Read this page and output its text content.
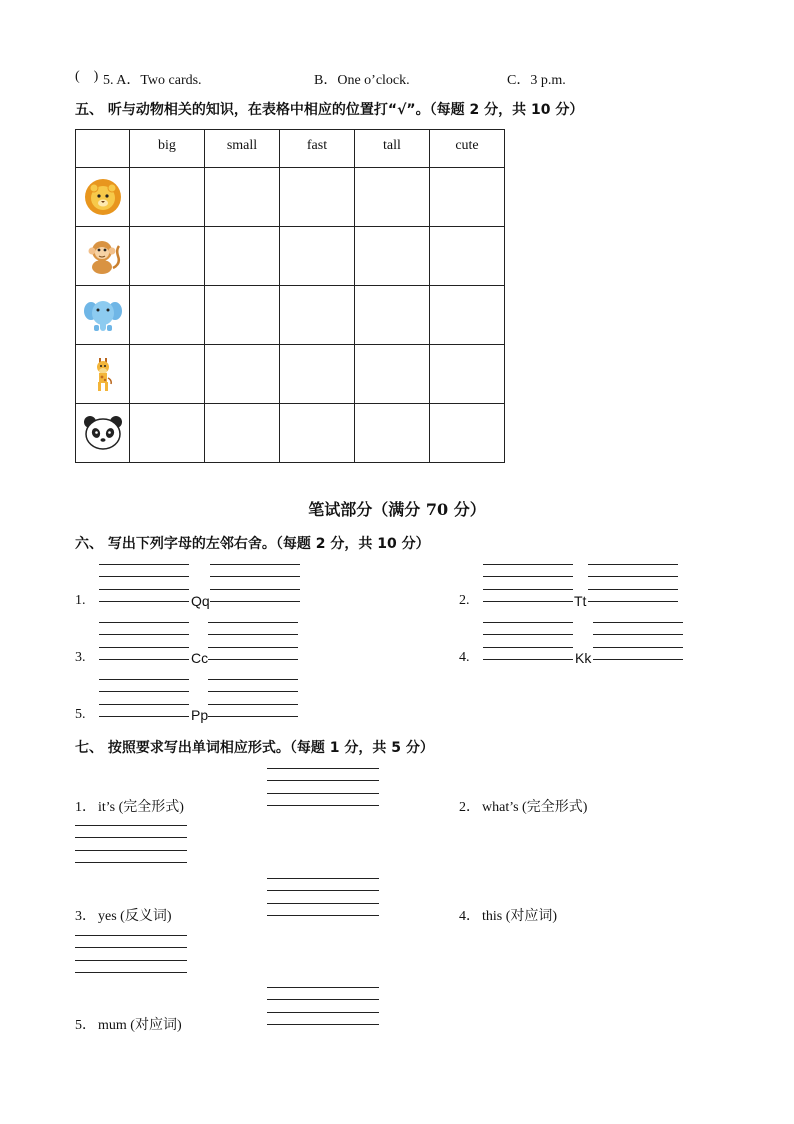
(    ) 5. A．Two cards.	B．One o’clock.	C．3 p.m.
五、 听与动物相关的知识，在表格中相应的位置打“√”。（每题 2 分，共 10 分）
	big	small	fast	tall	cute

笔试部分（满分 70 分）
六、 写出下列字母的左邻右舍。（每题 2 分，共 10 分）
1.	Qq	2.	Tt
3.	Cc	4.	Kk
5.	Pp
七、 按照要求写出单词相应形式。（每题 1 分，共 5 分）
1． it’s (完全形式)	2． what’s (完全形式)
3． yes (反义词)	4． this (对应词)
5． mum (对应词)
